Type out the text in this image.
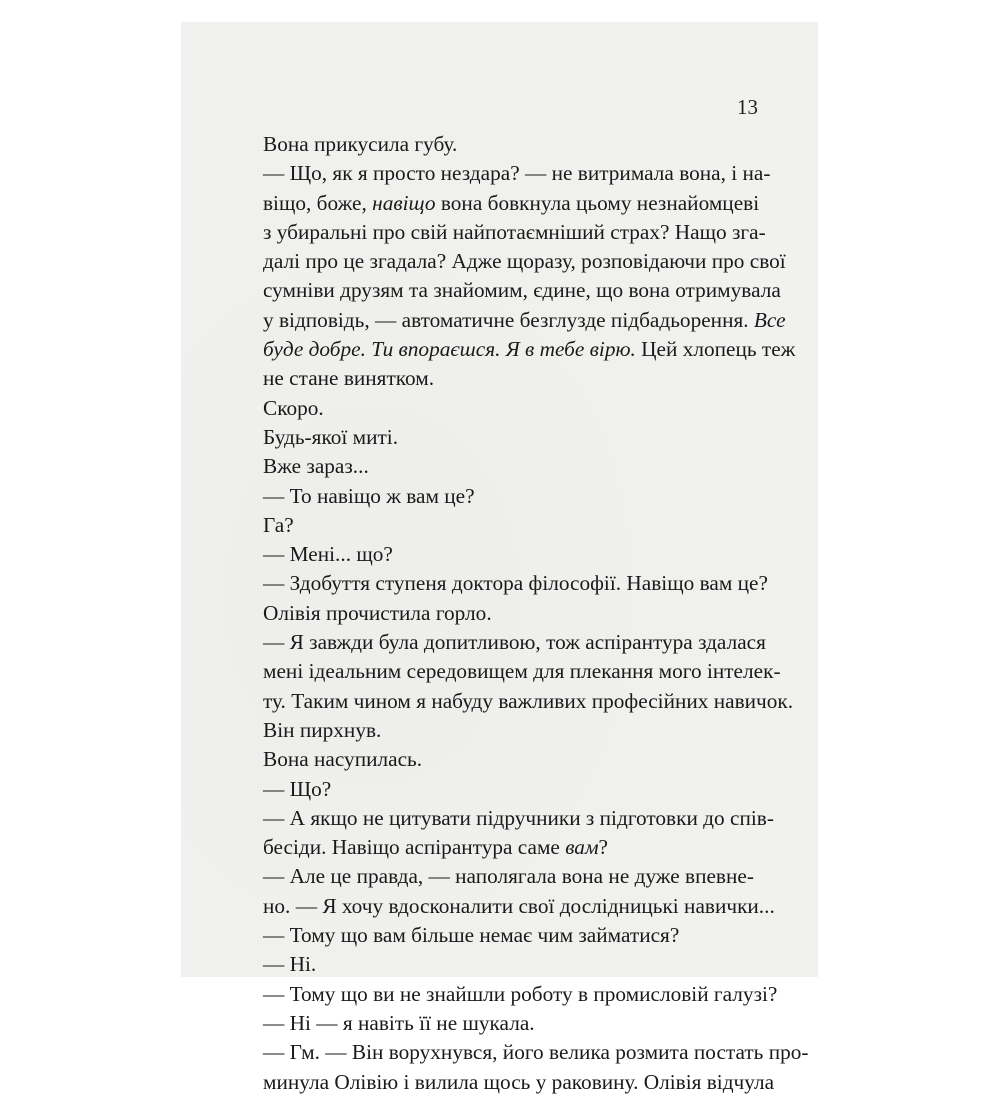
13
Вона прикусила губу.
— Що, як я просто нездара? — не витримала вона, і на-
віщо, боже, навіщо вона бовкнула цьому незнайомцеві
з убиральні про свій найпотаємніший страх? Нащо зга-
далі про це згадала? Адже щоразу, розповідаючи про свої
сумніви друзям та знайомим, єдине, що вона отримувала
у відповідь, — автоматичне безглузде підбадьорення. Все
буде добре. Ти впораєшся. Я в тебе вірю. Цей хлопець теж
не стане винятком.
Скоро.
Будь-якої миті.
Вже зараз...
— То навіщо ж вам це?
Га?
— Мені... що?
— Здобуття ступеня доктора філософії. Навіщо вам це?
Олівія прочистила горло.
— Я завжди була допитливою, тож аспірантура здалася
мені ідеальним середовищем для плекання мого інтелек-
ту. Таким чином я набуду важливих професійних навичок.
Він пирхнув.
Вона насупилась.
— Що?
— А якщо не цитувати підручники з підготовки до спів-
бесіди. Навіщо аспірантура саме вам?
— Але це правда, — наполягала вона не дуже впевне-
но. — Я хочу вдосконалити свої дослідницькі навички...
— Тому що вам більше немає чим займатися?
— Ні.
— Тому що ви не знайшли роботу в промисловій галузі?
— Ні — я навіть її не шукала.
— Гм. — Він ворухнувся, його велика розмита постать про-
минула Олівію і вилила щось у раковину. Олівія відчула
